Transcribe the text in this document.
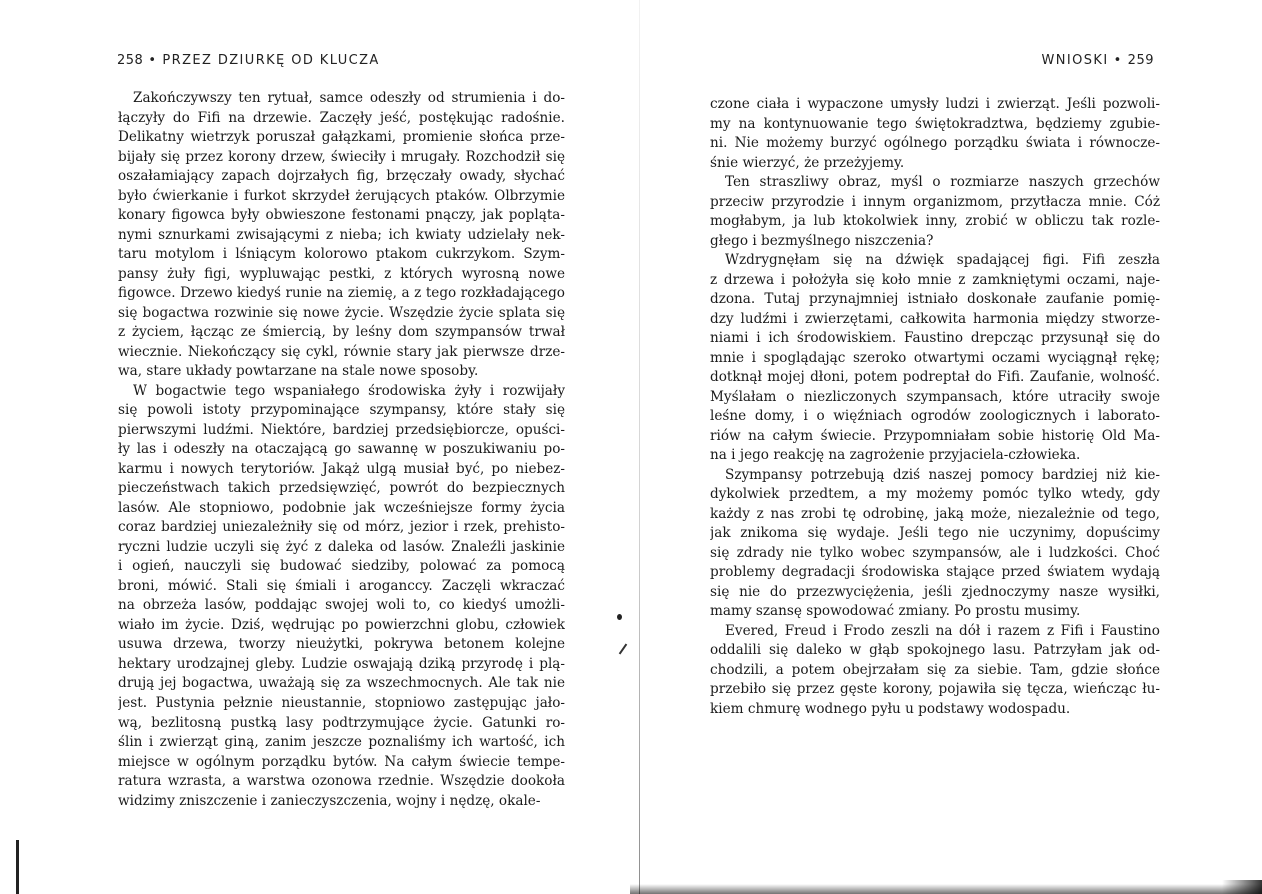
258 • PRZEZ DZIURKĘ OD KLUCZA

Zakończywszy ten rytuał, samce odeszły od strumienia i do-
łączyły do Fifi na drzewie. Zaczęły jeść, postękując radośnie.
Delikatny wietrzyk poruszał gałązkami, promienie słońca prze-
bijały się przez korony drzew, świeciły i mrugały. Rozchodził się
oszałamiający zapach dojrzałych fig, brzęczały owady, słychać
było ćwierkanie i furkot skrzydeł żerujących ptaków. Olbrzymie
konary figowca były obwieszone festonami pnączy, jak popląta-
nymi sznurkami zwisającymi z nieba; ich kwiaty udzielały nek-
taru motylom i lśniącym kolorowo ptakom cukrzykom. Szym-
pansy żuły figi, wypluwając pestki, z których wyrosną nowe
figowce. Drzewo kiedyś runie na ziemię, a z tego rozkładającego
się bogactwa rozwinie się nowe życie. Wszędzie życie splata się
z życiem, łącząc ze śmiercią, by leśny dom szympansów trwał
wiecznie. Niekończący się cykl, równie stary jak pierwsze drze-
wa, stare układy powtarzane na stale nowe sposoby.

W bogactwie tego wspaniałego środowiska żyły i rozwijały
się powoli istoty przypominające szympansy, które stały się
pierwszymi ludźmi. Niektóre, bardziej przedsiębiorcze, opuści-
ły las i odeszły na otaczającą go sawannę w poszukiwaniu po-
karmu i nowych terytoriów. Jakąż ulgą musiał być, po niebez-
pieczeństwach takich przedsięwzięć, powrót do bezpiecznych
lasów. Ale stopniowo, podobnie jak wcześniejsze formy życia
coraz bardziej uniezależniły się od mórz, jezior i rzek, prehisto-
ryczni ludzie uczyli się żyć z daleka od lasów. Znaleźli jaskinie
i ogień, nauczyli się budować siedziby, polować za pomocą
broni, mówić. Stali się śmiali i aroganccy. Zaczęli wkraczać
na obrzeża lasów, poddając swojej woli to, co kiedyś umożli-
wiało im życie. Dziś, wędrując po powierzchni globu, człowiek
usuwa drzewa, tworzy nieużytki, pokrywa betonem kolejne
hektary urodzajnej gleby. Ludzie oswajają dziką przyrodę i plą-
drują jej bogactwa, uważają się za wszechmocnych. Ale tak nie
jest. Pustynia pełznie nieustannie, stopniowo zastępując jało-
wą, bezlitosną pustką lasy podtrzymujące życie. Gatunki ro-
ślin i zwierząt giną, zanim jeszcze poznaliśmy ich wartość, ich
miejsce w ogólnym porządku bytów. Na całym świecie tempe-
ratura wzrasta, a warstwa ozonowa rzednie. Wszędzie dookoła
widzimy zniszczenie i zanieczyszczenia, wojny i nędzę, okale-

WNIOSKI • 259

czone ciała i wypaczone umysły ludzi i zwierząt. Jeśli pozwoli-
my na kontynuowanie tego świętokradztwa, będziemy zgubie-
ni. Nie możemy burzyć ogólnego porządku świata i równocze-
śnie wierzyć, że przeżyjemy.

Ten straszliwy obraz, myśl o rozmiarze naszych grzechów
przeciw przyrodzie i innym organizmom, przytłacza mnie. Cóż
mogłabym, ja lub ktokolwiek inny, zrobić w obliczu tak rozle-
głego i bezmyślnego niszczenia?

Wzdrygnęłam się na dźwięk spadającej figi. Fifi zeszła
z drzewa i położyła się koło mnie z zamkniętymi oczami, naje-
dzona. Tutaj przynajmniej istniało doskonałe zaufanie pomię-
dzy ludźmi i zwierzętami, całkowita harmonia między stworze-
niami i ich środowiskiem. Faustino drepcząc przysunął się do
mnie i spoglądając szeroko otwartymi oczami wyciągnął rękę;
dotknął mojej dłoni, potem podreptał do Fifi. Zaufanie, wolność.
Myślałam o niezliczonych szympansach, które utraciły swoje
leśne domy, i o więźniach ogrodów zoologicznych i laborato-
riów na całym świecie. Przypomniałam sobie historię Old Ma-
na i jego reakcję na zagrożenie przyjaciela-człowieka.

Szympansy potrzebują dziś naszej pomocy bardziej niż kie-
dykolwiek przedtem, a my możemy pomóc tylko wtedy, gdy
każdy z nas zrobi tę odrobinę, jaką może, niezależnie od tego,
jak znikoma się wydaje. Jeśli tego nie uczynimy, dopuścimy
się zdrady nie tylko wobec szympansów, ale i ludzkości. Choć
problemy degradacji środowiska stające przed światem wydają
się nie do przezwyciężenia, jeśli zjednoczymy nasze wysiłki,
mamy szansę spowodować zmiany. Po prostu musimy.

Evered, Freud i Frodo zeszli na dół i razem z Fifi i Faustino
oddalili się daleko w głąb spokojnego lasu. Patrzyłam jak od-
chodzili, a potem obejrzałam się za siebie. Tam, gdzie słońce
przebiło się przez gęste korony, pojawiła się tęcza, wieńcząc łu-
kiem chmurę wodnego pyłu u podstawy wodospadu.
